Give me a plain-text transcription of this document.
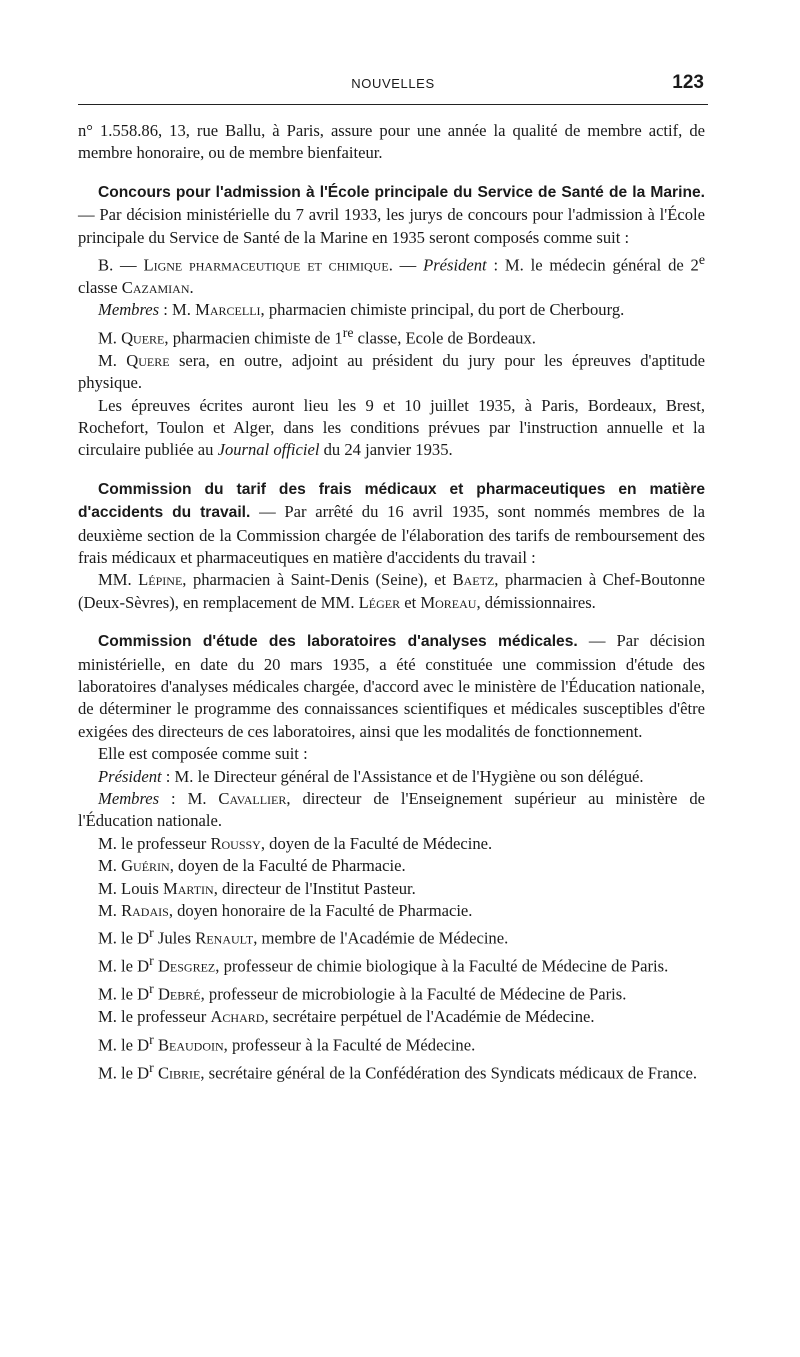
NOUVELLES	123

n° 1.558.86, 13, rue Ballu, à Paris, assure pour une année la qualité de membre actif, de membre honoraire, ou de membre bienfaiteur.

Concours pour l'admission à l'École principale du Service de Santé de la Marine. — Par décision ministérielle du 7 avril 1933, les jurys de concours pour l'admission à l'École principale du Service de Santé de la Marine en 1935 seront composés comme suit :

B. — Ligne pharmaceutique et chimique. — Président : M. le médecin général de 2e classe Cazamian.

Membres : M. Marcelli, pharmacien chimiste principal, du port de Cherbourg.

M. Quere, pharmacien chimiste de 1re classe, Ecole de Bordeaux.

M. Quere sera, en outre, adjoint au président du jury pour les épreuves d'aptitude physique.

Les épreuves écrites auront lieu les 9 et 10 juillet 1935, à Paris, Bordeaux, Brest, Rochefort, Toulon et Alger, dans les conditions prévues par l'instruction annuelle et la circulaire publiée au Journal officiel du 24 janvier 1935.

Commission du tarif des frais médicaux et pharmaceutiques en matière d'accidents du travail. — Par arrêté du 16 avril 1935, sont nommés membres de la deuxième section de la Commission chargée de l'élaboration des tarifs de remboursement des frais médicaux et pharmaceutiques en matière d'accidents du travail :

MM. Lépine, pharmacien à Saint-Denis (Seine), et Baetz, pharmacien à Chef-Boutonne (Deux-Sèvres), en remplacement de MM. Léger et Moreau, démissionnaires.

Commission d'étude des laboratoires d'analyses médicales. — Par décision ministérielle, en date du 20 mars 1935, a été constituée une commission d'étude des laboratoires d'analyses médicales chargée, d'accord avec le ministère de l'Éducation nationale, de déterminer le programme des connaissances scientifiques et médicales susceptibles d'être exigées des directeurs de ces laboratoires, ainsi que les modalités de fonctionnement.

Elle est composée comme suit :

Président : M. le Directeur général de l'Assistance et de l'Hygiène ou son délégué.

Membres : M. Cavallier, directeur de l'Enseignement supérieur au ministère de l'Éducation nationale.

M. le professeur Roussy, doyen de la Faculté de Médecine.

M. Guérin, doyen de la Faculté de Pharmacie.

M. Louis Martin, directeur de l'Institut Pasteur.

M. Radais, doyen honoraire de la Faculté de Pharmacie.

M. le $D^r$ Jules Renault, membre de l'Académie de Médecine.

M. le $D^r$ Desgrez, professeur de chimie biologique à la Faculté de Médecine de Paris.

M. le $D^r$ Debré, professeur de microbiologie à la Faculté de Médecine de Paris.

M. le professeur Achard, secrétaire perpétuel de l'Académie de Médecine.

M. le $D^r$ Beaudoin, professeur à la Faculté de Médecine.

M. le $D^r$ Cibrie, secrétaire général de la Confédération des Syndicats médicaux de France.
